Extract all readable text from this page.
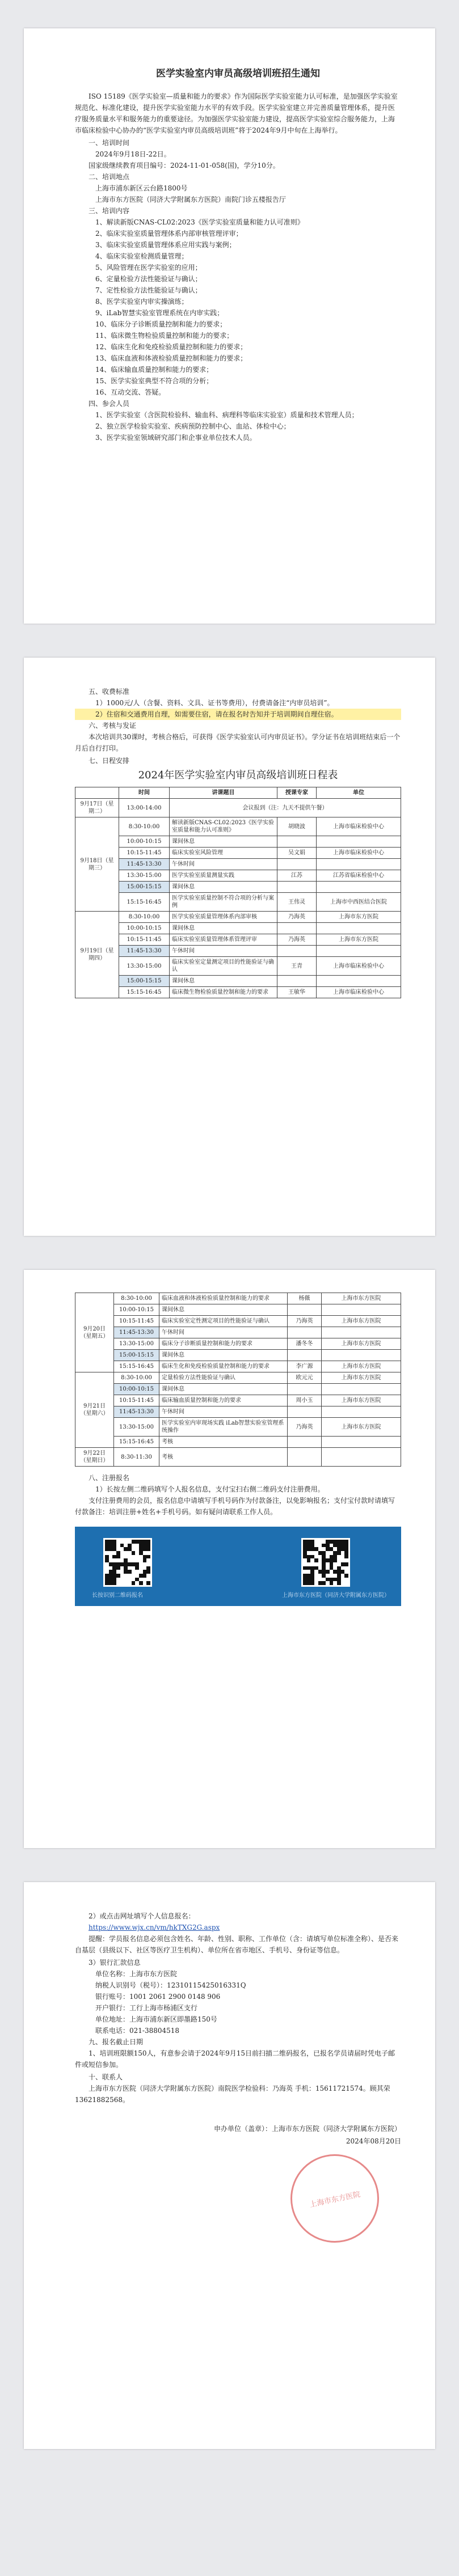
医学实验室内审员高级培训班招生通知

ISO 15189《医学实验室—质量和能力的要求》作为国际医学实验室能力认可标准，是加强医学实验室规范化、标准化建设，提升医学实验室能力水平的有效手段。医学实验室建立并完善质量管理体系，提升医疗服务质量水平和服务能力的重要途径。为加强医学实验室能力建设，提高医学实验室综合服务能力，上海市临床检验中心协办的“医学实验室内审员高级培训班”将于2024年9月中旬在上海举行。

一、培训时间

2024年9月18日-22日。

国家级继续教育项目编号：2024-11-01-058(国)，学分10分。

二、培训地点

上海市浦东新区云台路1800号

上海市东方医院（同济大学附属东方医院）南院门诊五楼报告厅

三、培训内容

1、解读新版CNAS-CL02:2023《医学实验室质量和能力认可准则》

2、临床实验室质量管理体系内部审核管理评审；

3、临床实验室质量管理体系应用实践与案例；

4、临床实验室检测质量管理；

5、风险管理在医学实验室的应用；

6、定量检验方法性能验证与确认；

7、定性检验方法性能验证与确认；

8、医学实验室内审实操演练；

9、iLab智慧实验室管理系统在内审实践；

10、临床分子诊断质量控制和能力的要求；

11、临床微生物检验质量控制和能力的要求；

12、临床生化和免疫检验质量控制和能力的要求；

13、临床血液和体液检验质量控制和能力的要求；

14、临床输血质量控制和能力的要求；

15、医学实验室典型不符合项的分析；

16、互动交流、答疑。

四、参会人员

1、医学实验室（含医院检验科、输血科、病理科等临床实验室）质量和技术管理人员；

2、独立医学检验实验室、疾病预防控制中心、血站、体检中心；

3、医学实验室领域研究部门和企事业单位技术人员。

五、收费标准

1）1000元/人（含餐、资料、文具、证书等费用），付费请备注“内审员培训”。

2）住宿和交通费用自理，如需要住宿，请在报名时告知并于培训期间自理住宿。

六、考核与发证

本次培训共30课时，考核合格后，可获得《医学实验室认可内审员证书》。学分证书在培训班结束后一个月后自行打印。

七、日程安排

2024年医学实验室内审员高级培训班日程表
	时间	讲课题目	授课专家	单位
9月17日（星期二）	13:00-14:00	会议报到（注：九天不提供午餐）		
9月18日（星期三）	8:30-10:00	解读新版CNAS-CL02:2023《医学实验室质量和能力认可准则》	胡晓波	上海市临床检验中心
	10:00-10:15	课间休息		
	10:15-11:45	临床实验室风险管理	吴文娟	上海市临床检验中心
	11:45-13:30	午休时间		
	13:30-15:00	医学实验室质量测量实践	江苏	江苏省临床检验中心
	15:00-15:15	课间休息		
	15:15-16:45	医学实验室质量控制不符合项的分析与案例	王伟灵	上海市中西医结合医院
9月19日（星期四）	8:30-10:00	医学实验室质量管理体系内部审核	乃海英	上海市东方医院
	10:00-10:15	课间休息		
	10:15-11:45	临床实验室质量管理体系管理评审	乃海英	上海市东方医院
	11:45-13:30	午休时间		
	13:30-15:00	临床实验室定量测定项目的性能验证与确认	王青	上海市临床检验中心
	15:00-15:15	课间休息		
	15:15-16:45	临床微生物检验质量控制和能力的要求	王敏华	上海市临床检验中心
9月20日（星期五）	8:30-10:00	临床血液和体液检验质量控制和能力的要求	杨薇	上海市东方医院
	10:00-10:15	课间休息		
	10:15-11:45	临床实验室定性测定项目的性能验证与确认	乃海英	上海市东方医院
	11:45-13:30	午休时间		
	13:30-15:00	临床分子诊断质量控制和能力的要求	潘冬冬	上海市东方医院
	15:00-15:15	课间休息		
	15:15-16:45	临床生化和免疫检验质量控制和能力的要求	李广源	上海市东方医院
9月21日（星期六）	8:30-10:00	定量检验方法性能验证与确认	欧元元	上海市东方医院
	10:00-10:15	课间休息		
	10:15-11:45	临床输血质量控制和能力的要求	周小玉	上海市东方医院
	11:45-13:30	午休时间		
	13:30-15:00	医学实验室内审现场实践 iLab智慧实验室管理系统操作	乃海英	上海市东方医院
	15:15-16:45	考核		
9月22日（星期日）	8:30-11:30	考核		

八、注册报名

1）长按左侧二维码填写个人报名信息，支付宝扫右侧二维码支付注册费用。

支付注册费用的会员，报名信息中请填写手机号码作为付款备注，以免影响报名；支付宝付款时请填写付款备注：培训注册+姓名+手机号码。如有疑问请联系工作人员。

长按识别二维码报名	上海市东方医院（同济大学附属东方医院）

2）或点击网址填写个人信息报名：

https://www.wjx.cn/vm/hkTXG2G.aspx

提醒：学员报名信息必须包含姓名、年龄、性别、职称、工作单位（含：请填写单位标准全称）、是否来自基层（县级以下、社区等医疗卫生机构）、单位所在省市地区、手机号、身份证等信息。

3）银行汇款信息

单位名称：上海市东方医院

纳税人识别号（税号）：12310115425016331Q

银行账号：1001 2061 2900 0148 906

开户银行：工行上海市杨浦区支行

单位地址：上海市浦东新区即墨路150号

联系电话：021-38804518

九、报名截止日期

1、培训班限额150人，有意参会请于2024年9月15日前扫描二维码报名，已报名学员请届时凭电子邮件或短信参加。

十、联系人

上海市东方医院（同济大学附属东方医院）南院医学检验科：乃海英 手机：15611721574。顾其荣 13621882568。

申办单位（盖章）：上海市东方医院（同济大学附属东方医院）
2024年08月20日
上海市东方医院
